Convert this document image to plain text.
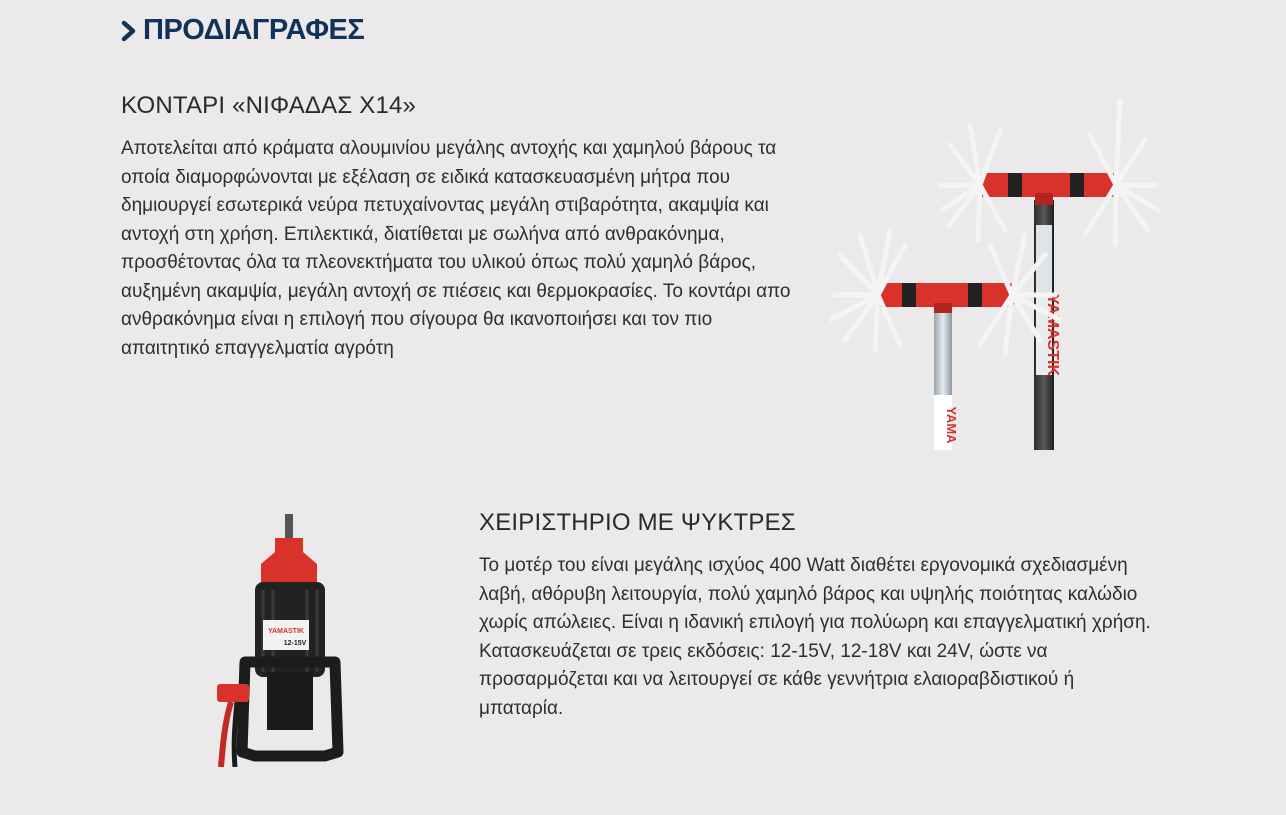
ΠΡΟΔΙΑΓΡΑΦΕΣ
ΚΟΝΤΑΡΙ «ΝΙΦΑΔΑΣ Χ14»
Αποτελείται από κράματα αλουμινίου μεγάλης αντοχής και χαμηλού βάρους τα οποία διαμορφώνονται με εξέλαση σε ειδικά κατασκευασμένη μήτρα που δημιουργεί εσωτερικά νεύρα πετυχαίνοντας μεγάλη στιβαρότητα, ακαμψία και αντοχή στη χρήση. Επιλεκτικά, διατίθεται με σωλήνα από ανθρακόνημα, προσθέτοντας όλα τα πλεονεκτήματα του υλικού όπως πολύ χαμηλό βάρος, αυξημένη ακαμψία, μεγάλη αντοχή σε πιέσεις και θερμοκρασίες. Το κοντάρι απο ανθρακόνημα είναι η επιλογή που σίγουρα θα ικανοποιήσει και τον πιο απαιτητικό επαγγελματία αγρότη	YAMASTIK
YAMA
YAMASTIK
12-15V
ΧΕΙΡΙΣΤΗΡΙΟ ΜΕ ΨΥΚΤΡΕΣ
Το μοτέρ του είναι μεγάλης ισχύος 400 Watt διαθέτει εργονομικά σχεδιασμένη λαβή, αθόρυβη λειτουργία, πολύ χαμηλό βάρος και υψηλής ποιότητας καλώδιο χωρίς απώλειες. Είναι η ιδανική επιλογή για πολύωρη και επαγγελματική χρήση. Κατασκευάζεται σε τρεις εκδόσεις: 12-15V, 12-18V και 24V, ώστε να προσαρμόζεται και να λειτουργεί σε κάθε γεννήτρια ελαιοραβδιστικού ή μπαταρία.
